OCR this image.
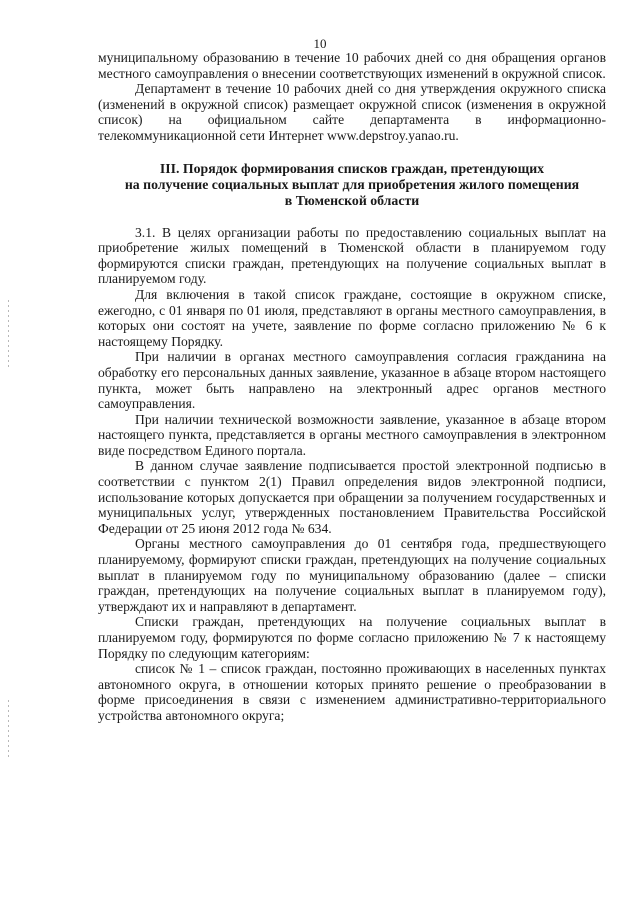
10

муниципальному образованию в течение 10 рабочих дней со дня обращения органов местного самоуправления о внесении соответствующих изменений в окружной список.

Департамент в течение 10 рабочих дней со дня утверждения окружного списка (изменений в окружной список) размещает окружной список (изменения в окружной список) на официальном сайте департамента в информационно-телекоммуникационной сети Интернет www.depstroy.yanao.ru.

III. Порядок формирования списков граждан, претендующих
на получение социальных выплат для приобретения жилого помещения
в Тюменской области

3.1. В целях организации работы по предоставлению социальных выплат на приобретение жилых помещений в Тюменской области в планируемом году формируются списки граждан, претендующих на получение социальных выплат в планируемом году.

Для включения в такой список граждане, состоящие в окружном списке, ежегодно, с 01 января по 01 июля, представляют в органы местного самоуправления, в которых они состоят на учете, заявление по форме согласно приложению № 6 к настоящему Порядку.

При наличии в органах местного самоуправления согласия гражданина на обработку его персональных данных заявление, указанное в абзаце втором настоящего пункта, может быть направлено на электронный адрес органов местного самоуправления.

При наличии технической возможности заявление, указанное в абзаце втором настоящего пункта, представляется в органы местного самоуправления в электронном виде посредством Единого портала.

В данном случае заявление подписывается простой электронной подписью в соответствии с пунктом 2(1) Правил определения видов электронной подписи, использование которых допускается при обращении за получением государственных и муниципальных услуг, утвержденных постановлением Правительства Российской Федерации от 25 июня 2012 года № 634.

Органы местного самоуправления до 01 сентября года, предшествующего планируемому, формируют списки граждан, претендующих на получение социальных выплат в планируемом году по муниципальному образованию (далее – списки граждан, претендующих на получение социальных выплат в планируемом году), утверждают их и направляют в департамент.

Списки граждан, претендующих на получение социальных выплат в планируемом году, формируются по форме согласно приложению № 7 к настоящему Порядку по следующим категориям:

список № 1 – список граждан, постоянно проживающих в населенных пунктах автономного округа, в отношении которых принято решение о преобразовании в форме присоединения в связи с изменением административно-территориального устройства автономного округа;
